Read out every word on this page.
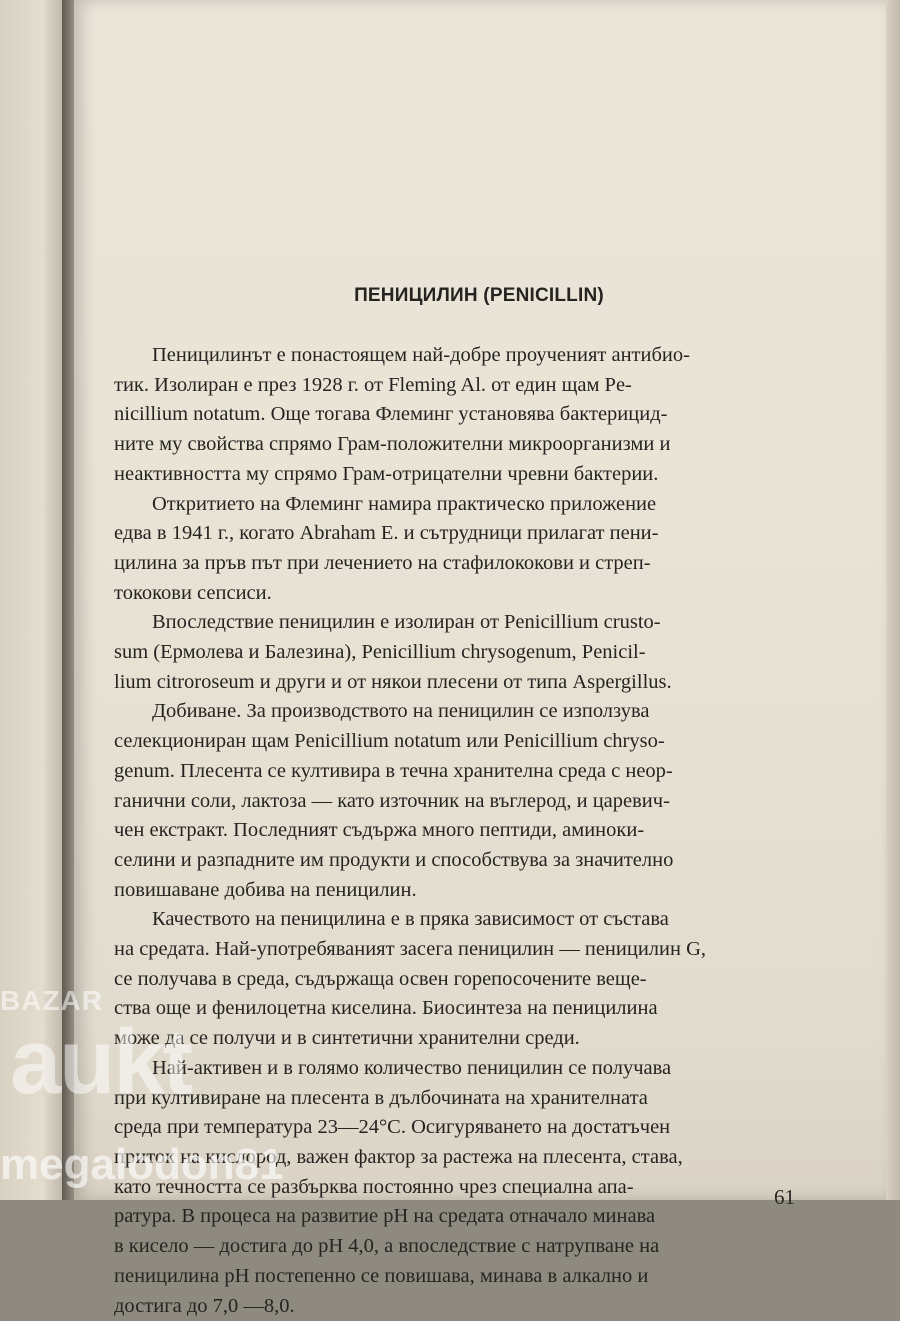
ПЕНИЦИЛИН (PENICILLIN)
Пеницилинът е понастоящем най-добре проученият антибио-
тик. Изолиран е през 1928 г. от Fleming Al. от един щам Pe-
nicillium notatum. Още тогава Флеминг установява бактерицид-
ните му свойства спрямо Грам-положителни микроорганизми и
неактивността му спрямо Грам-отрицателни чревни бактерии.
Откритието на Флеминг намира практическо приложение
едва в 1941 г., когато Abraham E. и сътрудници прилагат пени-
цилина за пръв път при лечението на стафилококови и стреп-
тококови сепсиси.
Впоследствие пеницилин е изолиран от Penicillium crusto-
sum (Ермолева и Балезина), Penicillium chrysogenum, Penicil-
lium citroroseum и други и от някои плесени от типа Aspergillus.
Добиване. За производството на пеницилин се използува
селекциониран щам Penicillium notatum или Penicillium chryso-
genum. Плесента се култивира в течна хранителна среда с неор-
ганични соли, лактоза — като източник на въглерод, и царевич-
чен екстракт. Последният съдържа много пептиди, аминоки-
селини и разпадните им продукти и способствува за значително
повишаване добива на пеницилин.
Качеството на пеницилина е в пряка зависимост от състава
на средата. Най-употребяваният засега пеницилин — пеницилин G,
се получава в среда, съдържаща освен горепосочените веще-
ства още и фенилоцетна киселина. Биосинтеза на пеницилина
може да се получи и в синтетични хранителни среди.
Най-активен и в голямо количество пеницилин се получава
при култивиране на плесента в дълбочината на хранителната
среда при температура 23—24°C. Осигуряването на достатъчен
приток на кислород, важен фактор за растежа на плесента, става,
като течността се разбърква постоянно чрез специална апа-
ратура. В процеса на развитие pH на средата отначало минава
в кисело — достига до pH 4,0, а впоследствие с натрупване на
пеницилина pH постепенно се повишава, минава в алкално и
достига до 7,0 —8,0.
61
BAZAR
aukt
megalodon81
